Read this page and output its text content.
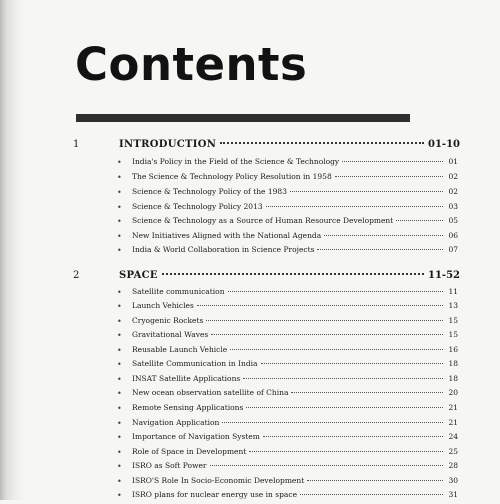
Contents
1	INTRODUCTION	01-10
• India's Policy in the Field of the Science & Technology	01
• The Science & Technology Policy Resolution in 1958	02
• Science & Technology Policy of the 1983	02
• Science & Technology Policy 2013	03
• Science & Technology as a Source of Human Resource Development	05
• New Initiatives Aligned with the National Agenda	06
• India & World Collaboration in Science Projects	07
2	SPACE	11-52
• Satellite communication	11
• Launch Vehicles	13
• Cryogenic Rockets	15
• Gravitational Waves	15
• Reusable Launch Vehicle	16
• Satellite Communication in India	18
• INSAT Satellite Applications	18
• New ocean observation satellite of China	20
• Remote Sensing Applications	21
• Navigation Application	21
• Importance of Navigation System	24
• Role of Space in Development	25
• ISRO as Soft Power	28
• ISRO'S Role In Socio-Economic Development	30
• ISRO plans for nuclear energy use in space	31
